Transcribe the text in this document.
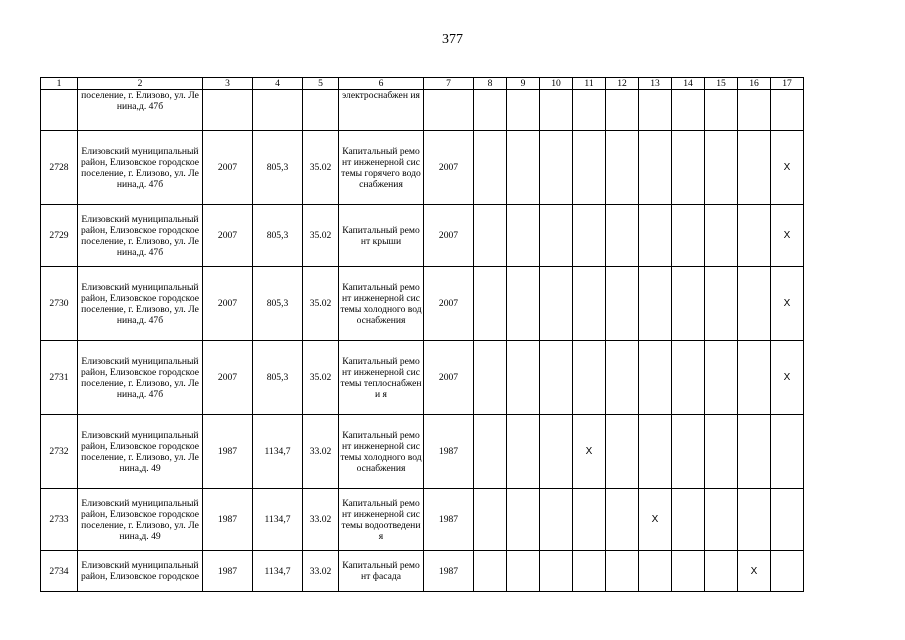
377
1	2	3	4	5	6	7	8	9	10	11	12	13	14	15	16	17
	поселение, г. Елизово, ул. Ленина,д. 47б				электроснабжен ия											
2728	Елизовский муниципальный район, Елизовское городское поселение, г. Елизово, ул. Ленина,д. 47б	2007	805,3	35.02	Капитальный ремонт инженерной системы горячего водоснабжения	2007										Х
2729	Елизовский муниципальный район, Елизовское городское поселение, г. Елизово, ул. Ленина,д. 47б	2007	805,3	35.02	Капитальный ремонт крыши	2007										Х
2730	Елизовский муниципальный район, Елизовское городское поселение, г. Елизово, ул. Ленина,д. 47б	2007	805,3	35.02	Капитальный ремонт инженерной системы холодного водоснабжения	2007										Х
2731	Елизовский муниципальный район, Елизовское городское поселение, г. Елизово, ул. Ленина,д. 47б	2007	805,3	35.02	Капитальный ремонт инженерной системы теплоснабжени я	2007										Х
2732	Елизовский муниципальный район, Елизовское городское поселение, г. Елизово, ул. Ленина,д. 49	1987	1134,7	33.02	Капитальный ремонт инженерной системы холодного водоснабжения	1987				Х						
2733	Елизовский муниципальный район, Елизовское городское поселение, г. Елизово, ул. Ленина,д. 49	1987	1134,7	33.02	Капитальный ремонт инженерной системы водоотведения	1987						Х				
2734	Елизовский муниципальный район, Елизовское городское	1987	1134,7	33.02	Капитальный ремонт фасада	1987									Х	
